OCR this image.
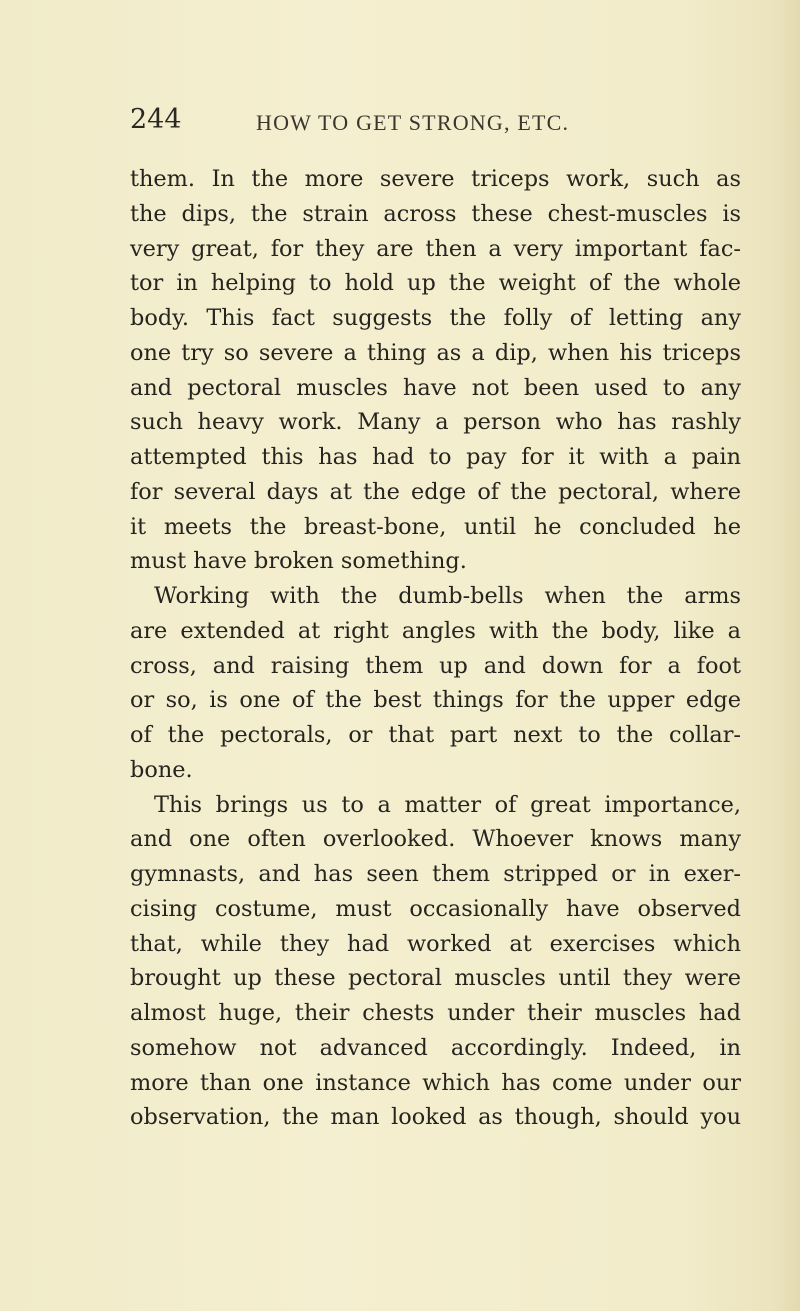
244	HOW TO GET STRONG, ETC.
them. In the more severe triceps work, such as
the dips, the strain across these chest-muscles is
very great, for they are then a very important fac-
tor in helping to hold up the weight of the whole
body. This fact suggests the folly of letting any
one try so severe a thing as a dip, when his triceps
and pectoral muscles have not been used to any
such heavy work. Many a person who has rashly
attempted this has had to pay for it with a pain
for several days at the edge of the pectoral, where
it meets the breast-bone, until he concluded he
must have broken something.
Working with the dumb-bells when the arms
are extended at right angles with the body, like a
cross, and raising them up and down for a foot
or so, is one of the best things for the upper edge
of the pectorals, or that part next to the collar-
bone.
This brings us to a matter of great importance,
and one often overlooked. Whoever knows many
gymnasts, and has seen them stripped or in exer-
cising costume, must occasionally have observed
that, while they had worked at exercises which
brought up these pectoral muscles until they were
almost huge, their chests under their muscles had
somehow not advanced accordingly. Indeed, in
more than one instance which has come under our
observation, the man looked as though, should you
